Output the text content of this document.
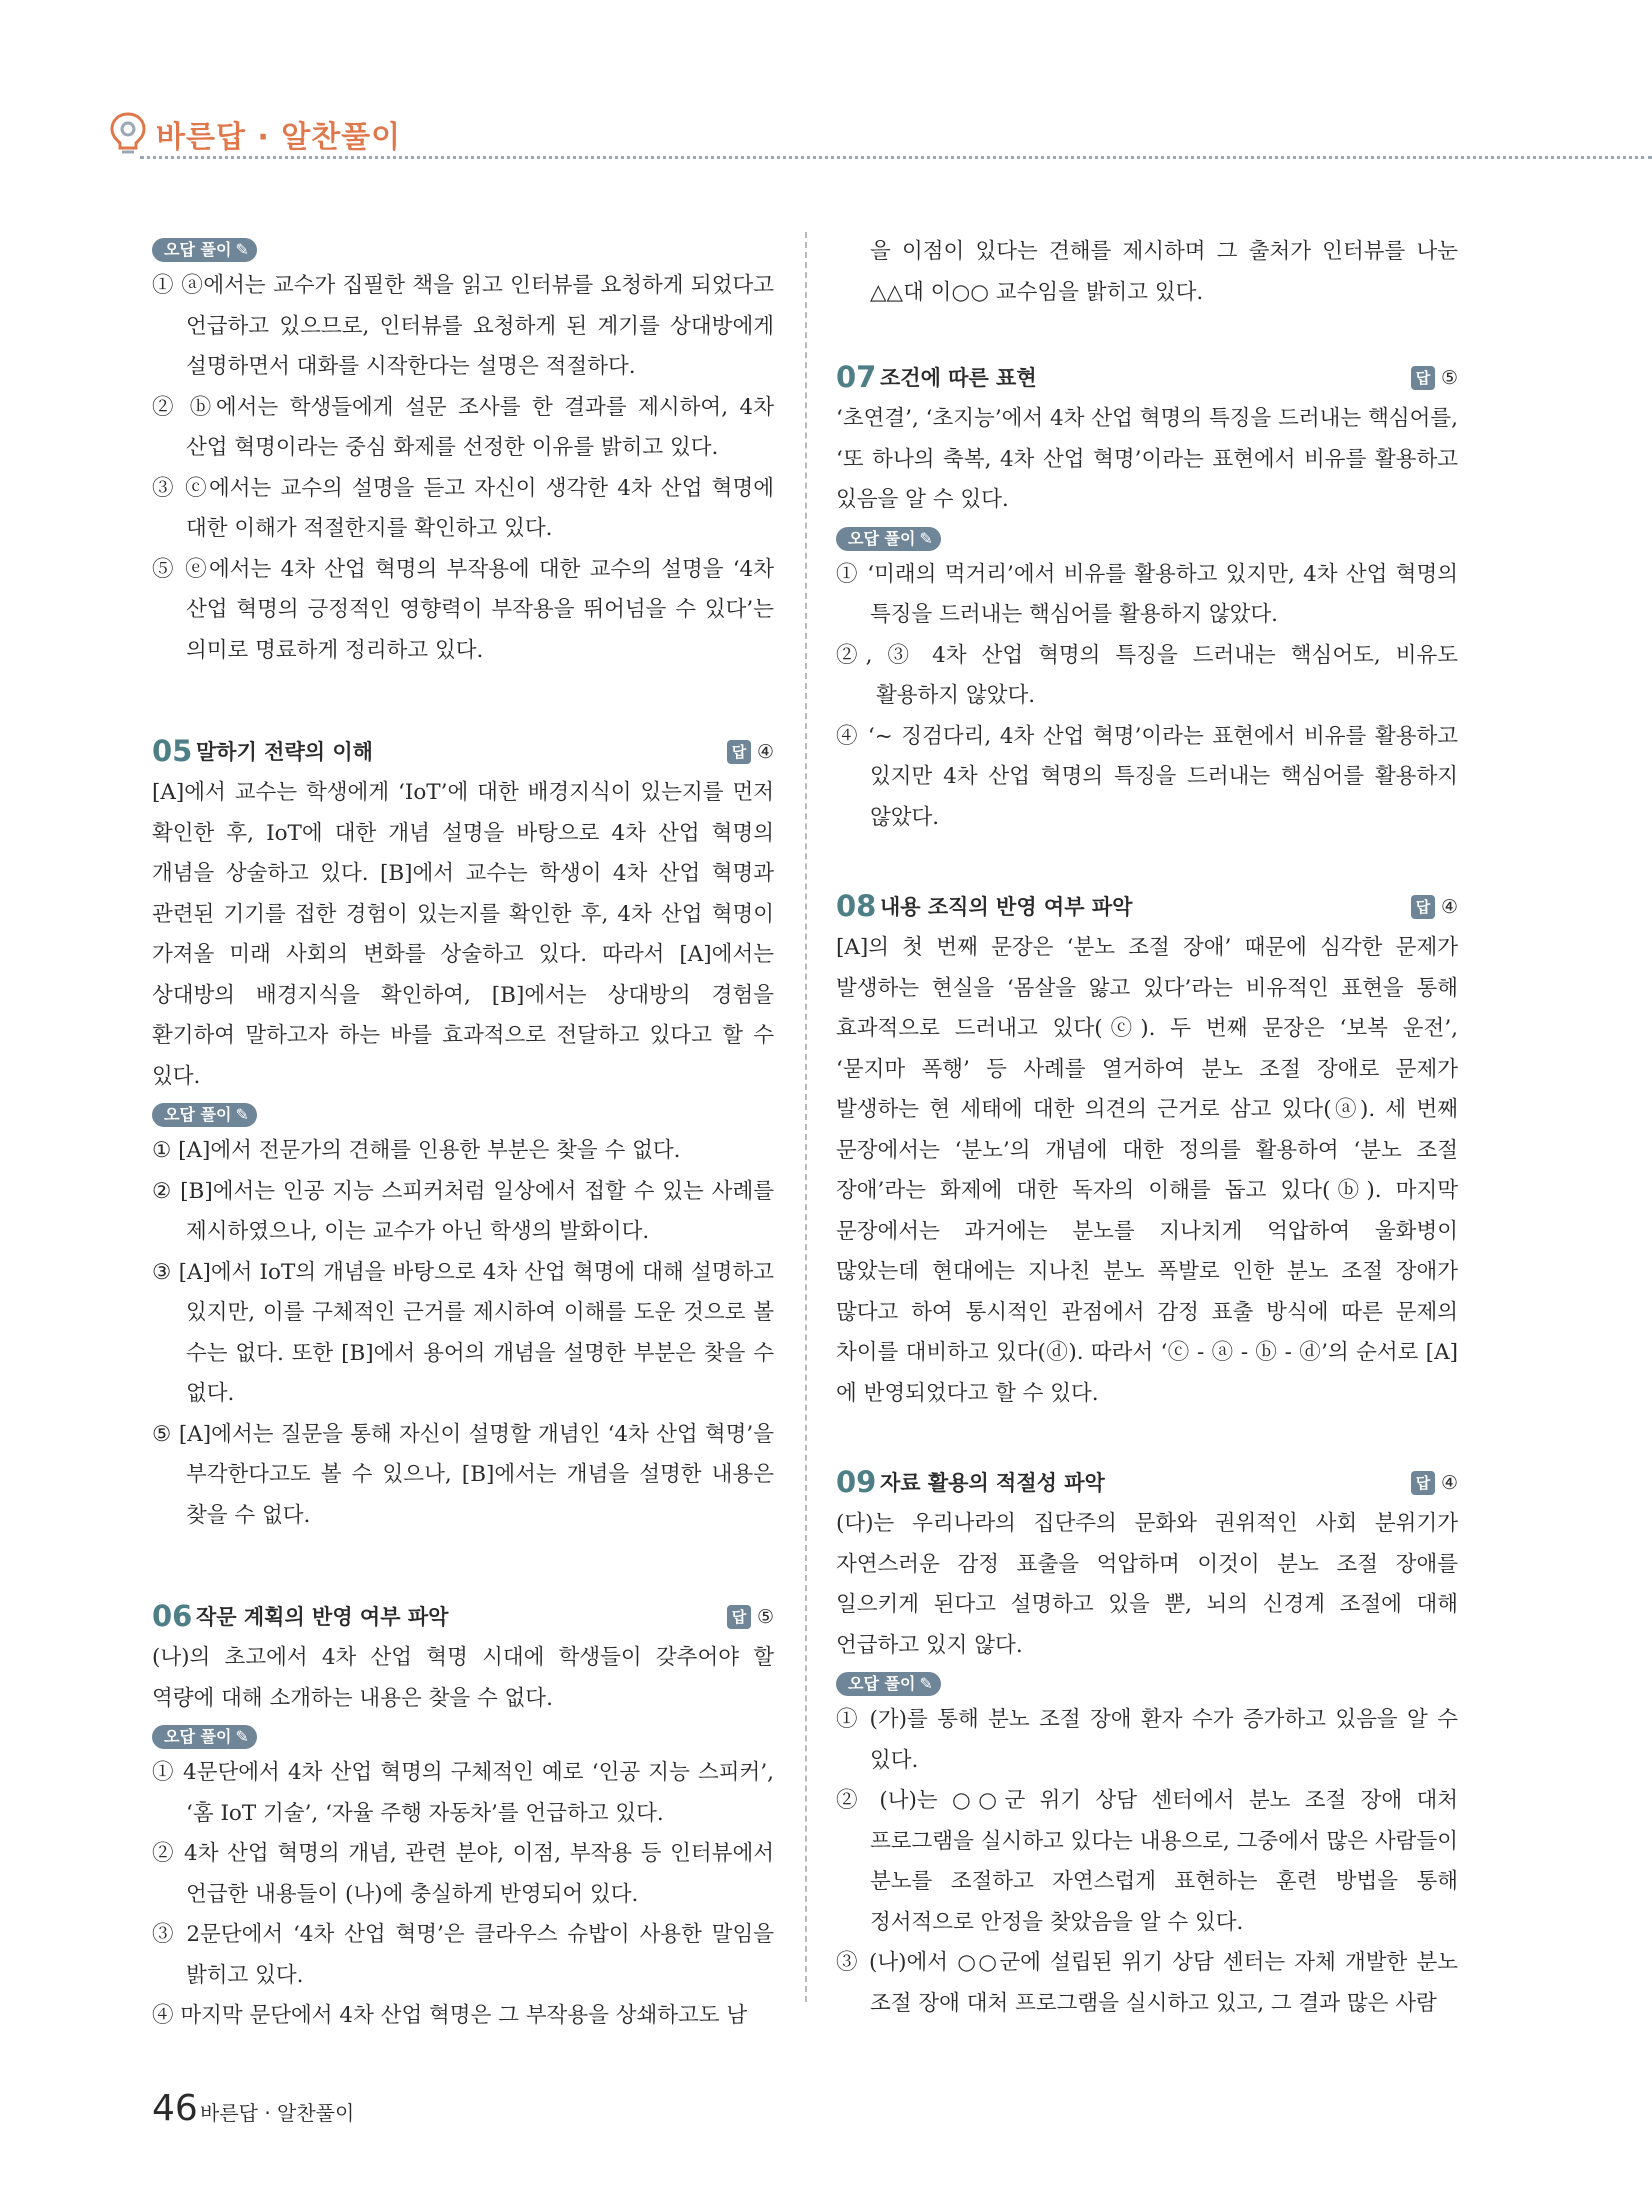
바른답 · 알찬풀이
오답 풀이 ✎

① ⓐ에서는 교수가 집필한 책을 읽고 인터뷰를 요청하게 되었다고 언급하고 있으므로, 인터뷰를 요청하게 된 계기를 상대방에게 설명하면서 대화를 시작한다는 설명은 적절하다.

② ⓑ에서는 학생들에게 설문 조사를 한 결과를 제시하여, 4차 산업 혁명이라는 중심 화제를 선정한 이유를 밝히고 있다.

③ ⓒ에서는 교수의 설명을 듣고 자신이 생각한 4차 산업 혁명에 대한 이해가 적절한지를 확인하고 있다.

⑤ ⓔ에서는 4차 산업 혁명의 부작용에 대한 교수의 설명을 ‘4차 산업 혁명의 긍정적인 영향력이 부작용을 뛰어넘을 수 있다’는 의미로 명료하게 정리하고 있다.

05 말하기 전략의 이해	답 ④

[A]에서 교수는 학생에게 ‘IoT’에 대한 배경지식이 있는지를 먼저 확인한 후, IoT에 대한 개념 설명을 바탕으로 4차 산업 혁명의 개념을 상술하고 있다. [B]에서 교수는 학생이 4차 산업 혁명과 관련된 기기를 접한 경험이 있는지를 확인한 후, 4차 산업 혁명이 가져올 미래 사회의 변화를 상술하고 있다. 따라서 [A]에서는 상대방의 배경지식을 확인하여, [B]에서는 상대방의 경험을 환기하여 말하고자 하는 바를 효과적으로 전달하고 있다고 할 수 있다.

오답 풀이 ✎

① [A]에서 전문가의 견해를 인용한 부분은 찾을 수 없다.

② [B]에서는 인공 지능 스피커처럼 일상에서 접할 수 있는 사례를 제시하였으나, 이는 교수가 아닌 학생의 발화이다.

③ [A]에서 IoT의 개념을 바탕으로 4차 산업 혁명에 대해 설명하고 있지만, 이를 구체적인 근거를 제시하여 이해를 도운 것으로 볼 수는 없다. 또한 [B]에서 용어의 개념을 설명한 부분은 찾을 수 없다.

⑤ [A]에서는 질문을 통해 자신이 설명할 개념인 ‘4차 산업 혁명’을 부각한다고도 볼 수 있으나, [B]에서는 개념을 설명한 내용은 찾을 수 없다.

06 작문 계획의 반영 여부 파악	답 ⑤

(나)의 초고에서 4차 산업 혁명 시대에 학생들이 갖추어야 할 역량에 대해 소개하는 내용은 찾을 수 없다.

오답 풀이 ✎

① 4문단에서 4차 산업 혁명의 구체적인 예로 ‘인공 지능 스피커’, ‘홈 IoT 기술’, ‘자율 주행 자동차’를 언급하고 있다.

② 4차 산업 혁명의 개념, 관련 분야, 이점, 부작용 등 인터뷰에서 언급한 내용들이 (나)에 충실하게 반영되어 있다.

③ 2문단에서 ‘4차 산업 혁명’은 클라우스 슈밥이 사용한 말임을 밝히고 있다.

④ 마지막 문단에서 4차 산업 혁명은 그 부작용을 상쇄하고도 남

을 이점이 있다는 견해를 제시하며 그 출처가 인터뷰를 나눈 △△대 이○○ 교수임을 밝히고 있다.

07 조건에 따른 표현	답 ⑤

‘초연결’, ‘초지능’에서 4차 산업 혁명의 특징을 드러내는 핵심어를, ‘또 하나의 축복, 4차 산업 혁명’이라는 표현에서 비유를 활용하고 있음을 알 수 있다.

오답 풀이 ✎

① ‘미래의 먹거리’에서 비유를 활용하고 있지만, 4차 산업 혁명의 특징을 드러내는 핵심어를 활용하지 않았다.

②, ③ 4차 산업 혁명의 특징을 드러내는 핵심어도, 비유도 활용하지 않았다.

④ ‘~ 징검다리, 4차 산업 혁명’이라는 표현에서 비유를 활용하고 있지만 4차 산업 혁명의 특징을 드러내는 핵심어를 활용하지 않았다.

08 내용 조직의 반영 여부 파악	답 ④

[A]의 첫 번째 문장은 ‘분노 조절 장애’ 때문에 심각한 문제가 발생하는 현실을 ‘몸살을 앓고 있다’라는 비유적인 표현을 통해 효과적으로 드러내고 있다(ⓒ). 두 번째 문장은 ‘보복 운전’, ‘묻지마 폭행’ 등 사례를 열거하여 분노 조절 장애로 문제가 발생하는 현 세태에 대한 의견의 근거로 삼고 있다(ⓐ). 세 번째 문장에서는 ‘분노’의 개념에 대한 정의를 활용하여 ‘분노 조절 장애’라는 화제에 대한 독자의 이해를 돕고 있다(ⓑ). 마지막 문장에서는 과거에는 분노를 지나치게 억압하여 울화병이 많았는데 현대에는 지나친 분노 폭발로 인한 분노 조절 장애가 많다고 하여 통시적인 관점에서 감정 표출 방식에 따른 문제의 차이를 대비하고 있다(ⓓ). 따라서 ‘ⓒ - ⓐ - ⓑ - ⓓ’의 순서로 [A]에 반영되었다고 할 수 있다.

09 자료 활용의 적절성 파악	답 ④

(다)는 우리나라의 집단주의 문화와 권위적인 사회 분위기가 자연스러운 감정 표출을 억압하며 이것이 분노 조절 장애를 일으키게 된다고 설명하고 있을 뿐, 뇌의 신경계 조절에 대해 언급하고 있지 않다.

오답 풀이 ✎

① (가)를 통해 분노 조절 장애 환자 수가 증가하고 있음을 알 수 있다.

② (나)는 ○○군 위기 상담 센터에서 분노 조절 장애 대처 프로그램을 실시하고 있다는 내용으로, 그중에서 많은 사람들이 분노를 조절하고 자연스럽게 표현하는 훈련 방법을 통해 정서적으로 안정을 찾았음을 알 수 있다.

③ (나)에서 ○○군에 설립된 위기 상담 센터는 자체 개발한 분노 조절 장애 대처 프로그램을 실시하고 있고, 그 결과 많은 사람

46 바른답 · 알찬풀이
